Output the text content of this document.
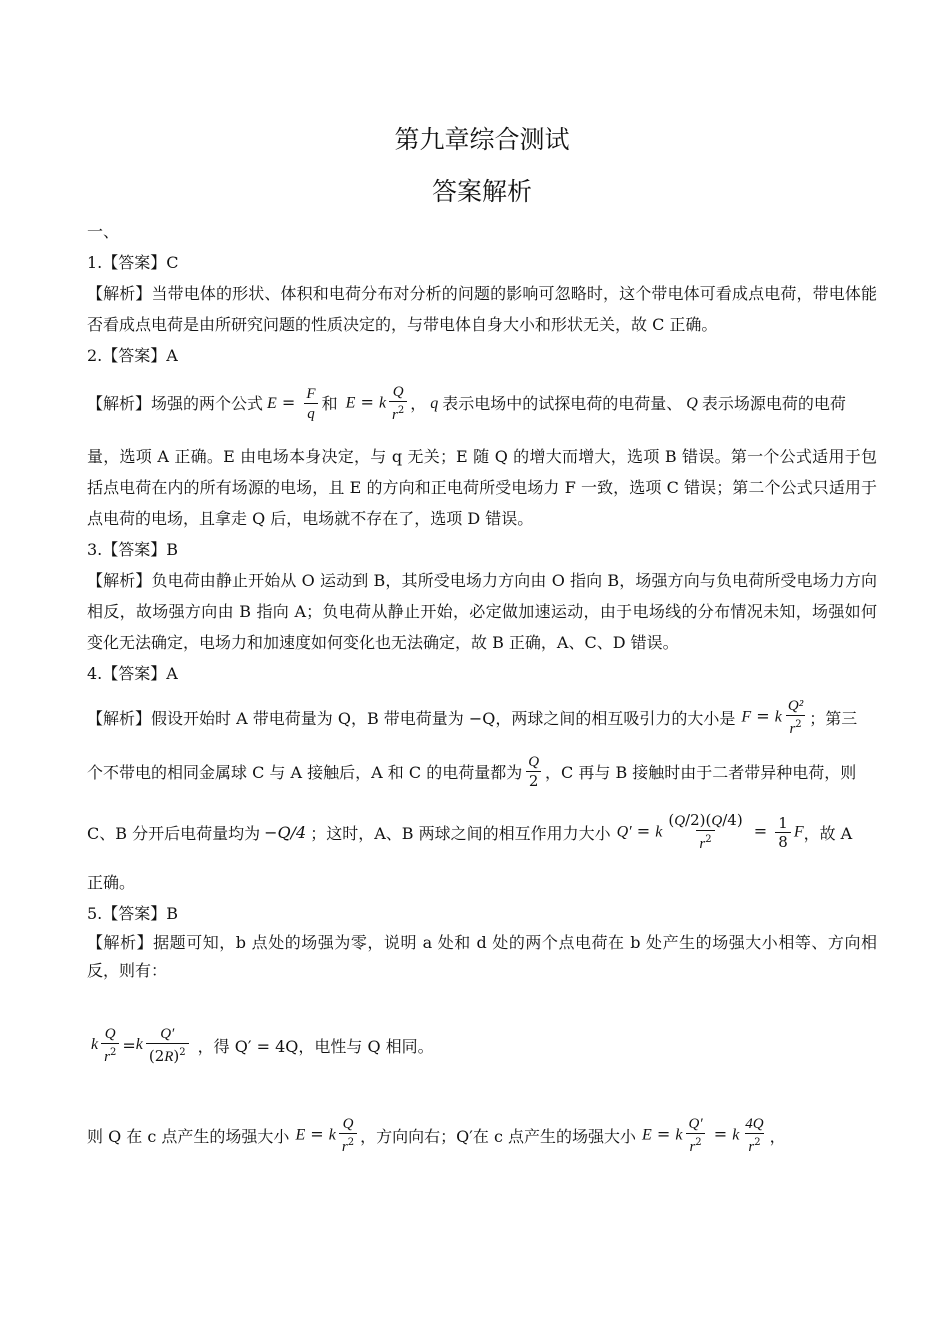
第九章综合测试
答案解析
一、
1.【答案】C
【解析】当带电体的形状、体积和电荷分布对分析的问题的影响可忽略时，这个带电体可看成点电荷，带电体能否看成点电荷是由所研究问题的性质决定的，与带电体自身大小和形状无关，故 C 正确。
2.【答案】A
【解析】 场强的两个公式 $E = \frac{F}{q}$ 和 E = k $\frac{Q}{r^2}$ ， q 表示电场中的试探电荷的电荷量、 Q 表示场源电荷的电荷
量，选项 A 正确。E 由电场本身决定，与 q 无关；E 随 Q 的增大而增大，选项 B 错误。第一个公式适用于包括点电荷在内的所有场源的电场，且 E 的方向和正电荷所受电场力 F 一致，选项 C 错误；第二个公式只适用于点电荷的电场，且拿走 Q 后，电场就不存在了，选项 D 错误。
3.【答案】B
【解析】负电荷由静止开始从 O 运动到 B，其所受电场力方向由 O 指向 B，场强方向与负电荷所受电场力方向相反，故场强方向由 B 指向 A；负电荷从静止开始，必定做加速运动，由于电场线的分布情况未知，场强如何变化无法确定，电场力和加速度如何变化也无法确定，故 B 正确，A、C、D 错误。
4.【答案】A
【解析】 假设开始时 A 带电荷量为 Q，B 带电荷量为 −Q，两球之间的相互吸引力的大小是 F = k $\frac{\text{Q²}}{r^2}$ ；第三
个不带电的相同金属球 C 与 A 接触后，A 和 C 的电荷量都为 $\frac{Q}{2}$ ，C 再与 B 接触时由于二者带异种电荷，则
C、B 分开后电荷量均为 −Q/4 ；这时，A、B 两球之间的相互作用力大小 Q′ = k $\frac{(Q/2)(Q/4)}{r^2} = \frac{1}{8}$ F ，故 A
正确。
5.【答案】B
【解析】据题可知，b 点处的场强为零，说明 a 处和 d 处的两个点电荷在 b 处产生的场强大小相等、方向相反，则有：
k $\frac{Q}{r^2} = k \frac{Q'}{(2R)^2}$ ，得 Q′ = 4Q，电性与 Q 相同。
则 Q 在 c 点产生的场强大小 E = k $\frac{Q}{r^2}$ ，方向向右；Q′在 c 点产生的场强大小 E = k $\frac{Q'}{r^2} = k \frac{4Q}{r^2}$ ，
